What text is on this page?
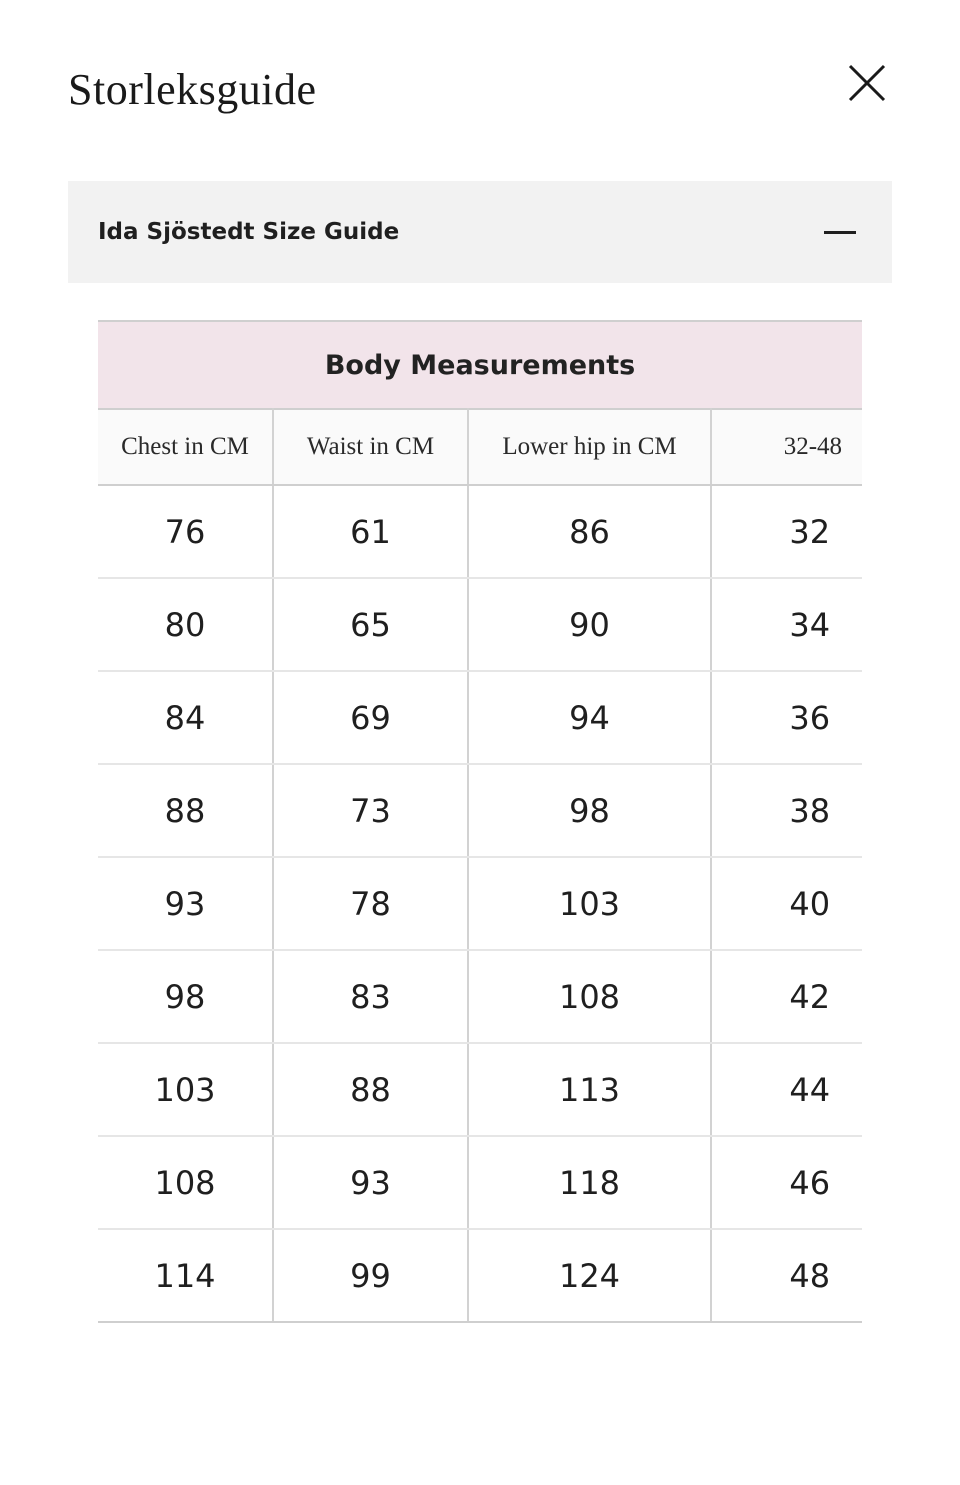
Storleksguide
Ida Sjöstedt Size Guide
Body Measurements			
Chest in CM	Waist in CM	Lower hip in CM	32-48
76	61	86	32
80	65	90	34
84	69	94	36
88	73	98	38
93	78	103	40
98	83	108	42
103	88	113	44
108	93	118	46
114	99	124	48
